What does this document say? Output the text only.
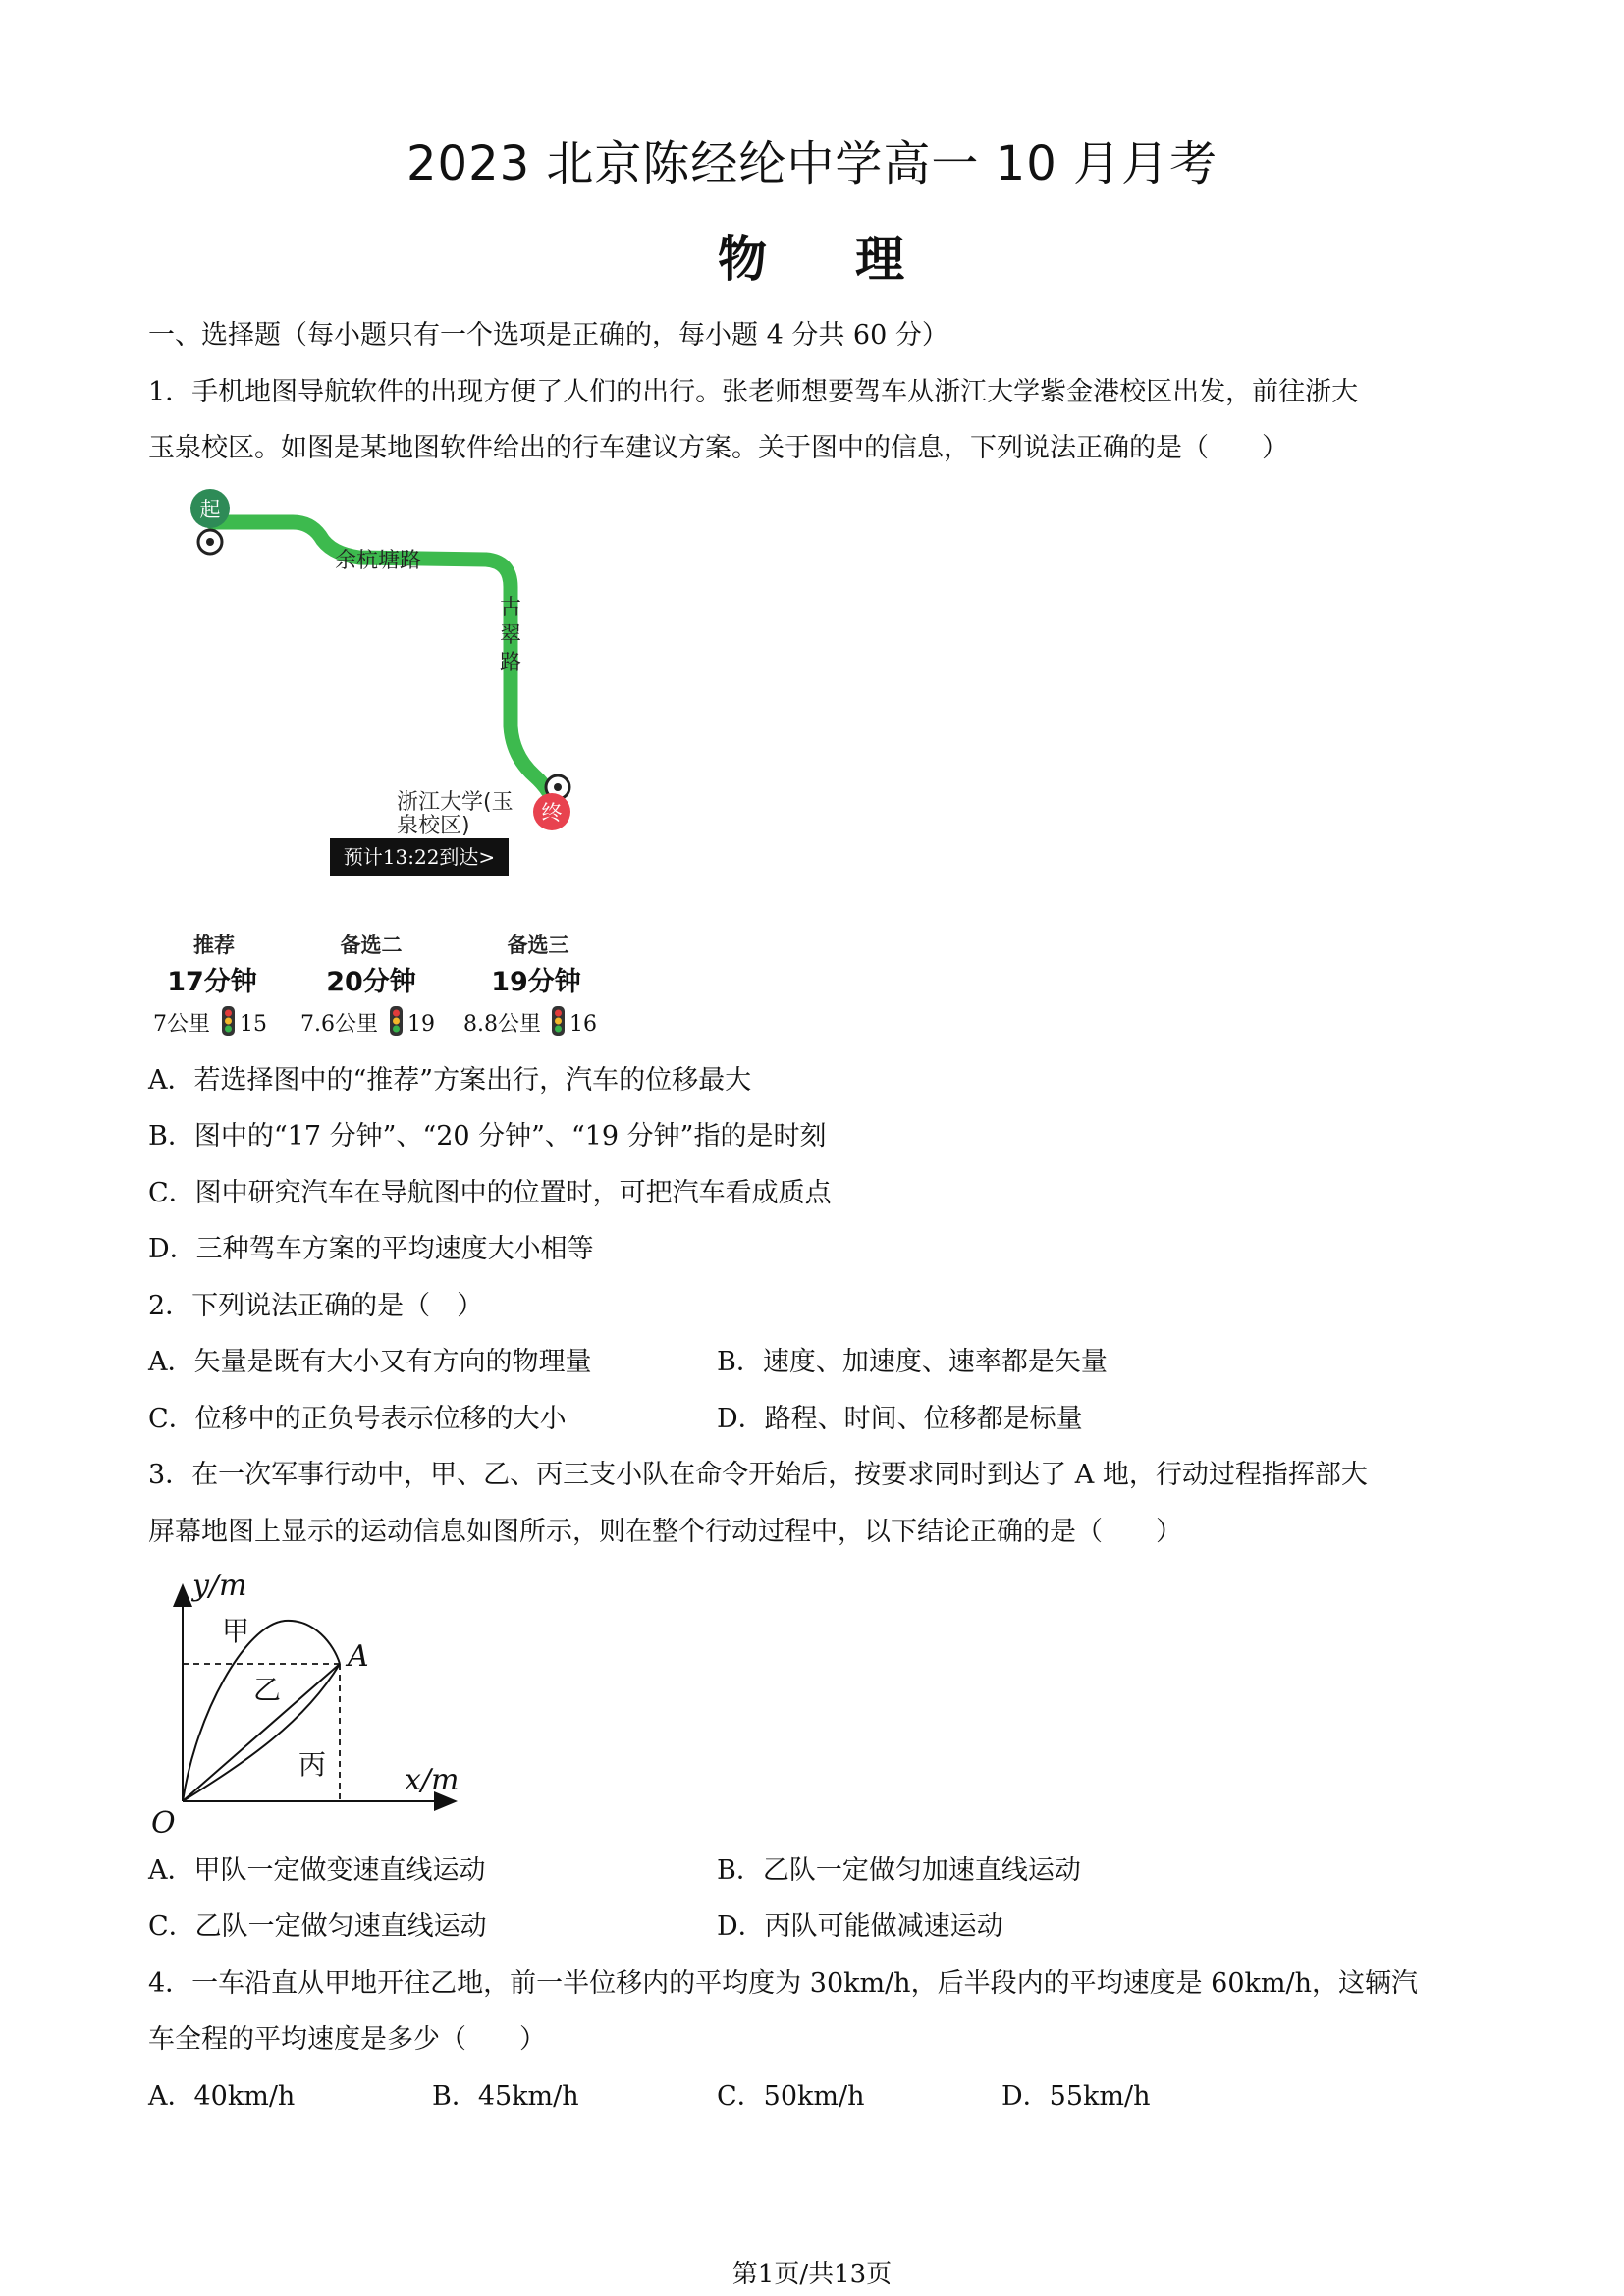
2023 北京陈经纶中学高一 10 月月考
物 理
一、选择题（每小题只有一个选项是正确的，每小题 4 分共 60 分）
1．手机地图导航软件的出现方便了人们的出行。张老师想要驾车从浙江大学紫金港校区出发，前往浙大
玉泉校区。如图是某地图软件给出的行车建议方案。关于图中的信息，下列说法正确的是（　　）
起
余杭塘路
古
翠
路
终
浙江大学(玉
泉校区)
预计13:22到达>
推荐
17分钟
7公里 15
备选二
20分钟
7.6公里 19
备选三
19分钟
8.8公里 16
A．若选择图中的“推荐”方案出行，汽车的位移最大
B．图中的“17 分钟”、“20 分钟”、“19 分钟”指的是时刻
C．图中研究汽车在导航图中的位置时，可把汽车看成质点
D．三种驾车方案的平均速度大小相等
2．下列说法正确的是（　）
A．矢量是既有大小又有方向的物理量	B．速度、加速度、速率都是矢量
C．位移中的正负号表示位移的大小	D．路程、时间、位移都是标量
3．在一次军事行动中，甲、乙、丙三支小队在命令开始后，按要求同时到达了 A 地，行动过程指挥部大
屏幕地图上显示的运动信息如图所示，则在整个行动过程中，以下结论正确的是（　　）
y/m
x/m
O
A
甲
乙
丙
A．甲队一定做变速直线运动	B．乙队一定做匀加速直线运动
C．乙队一定做匀速直线运动	D．丙队可能做减速运动
4．一车沿直从甲地开往乙地，前一半位移内的平均度为 30km/h，后半段内的平均速度是 60km/h，这辆汽
车全程的平均速度是多少（　　）
A．40km/h	B．45km/h	C．50km/h	D．55km/h
第1页/共13页
